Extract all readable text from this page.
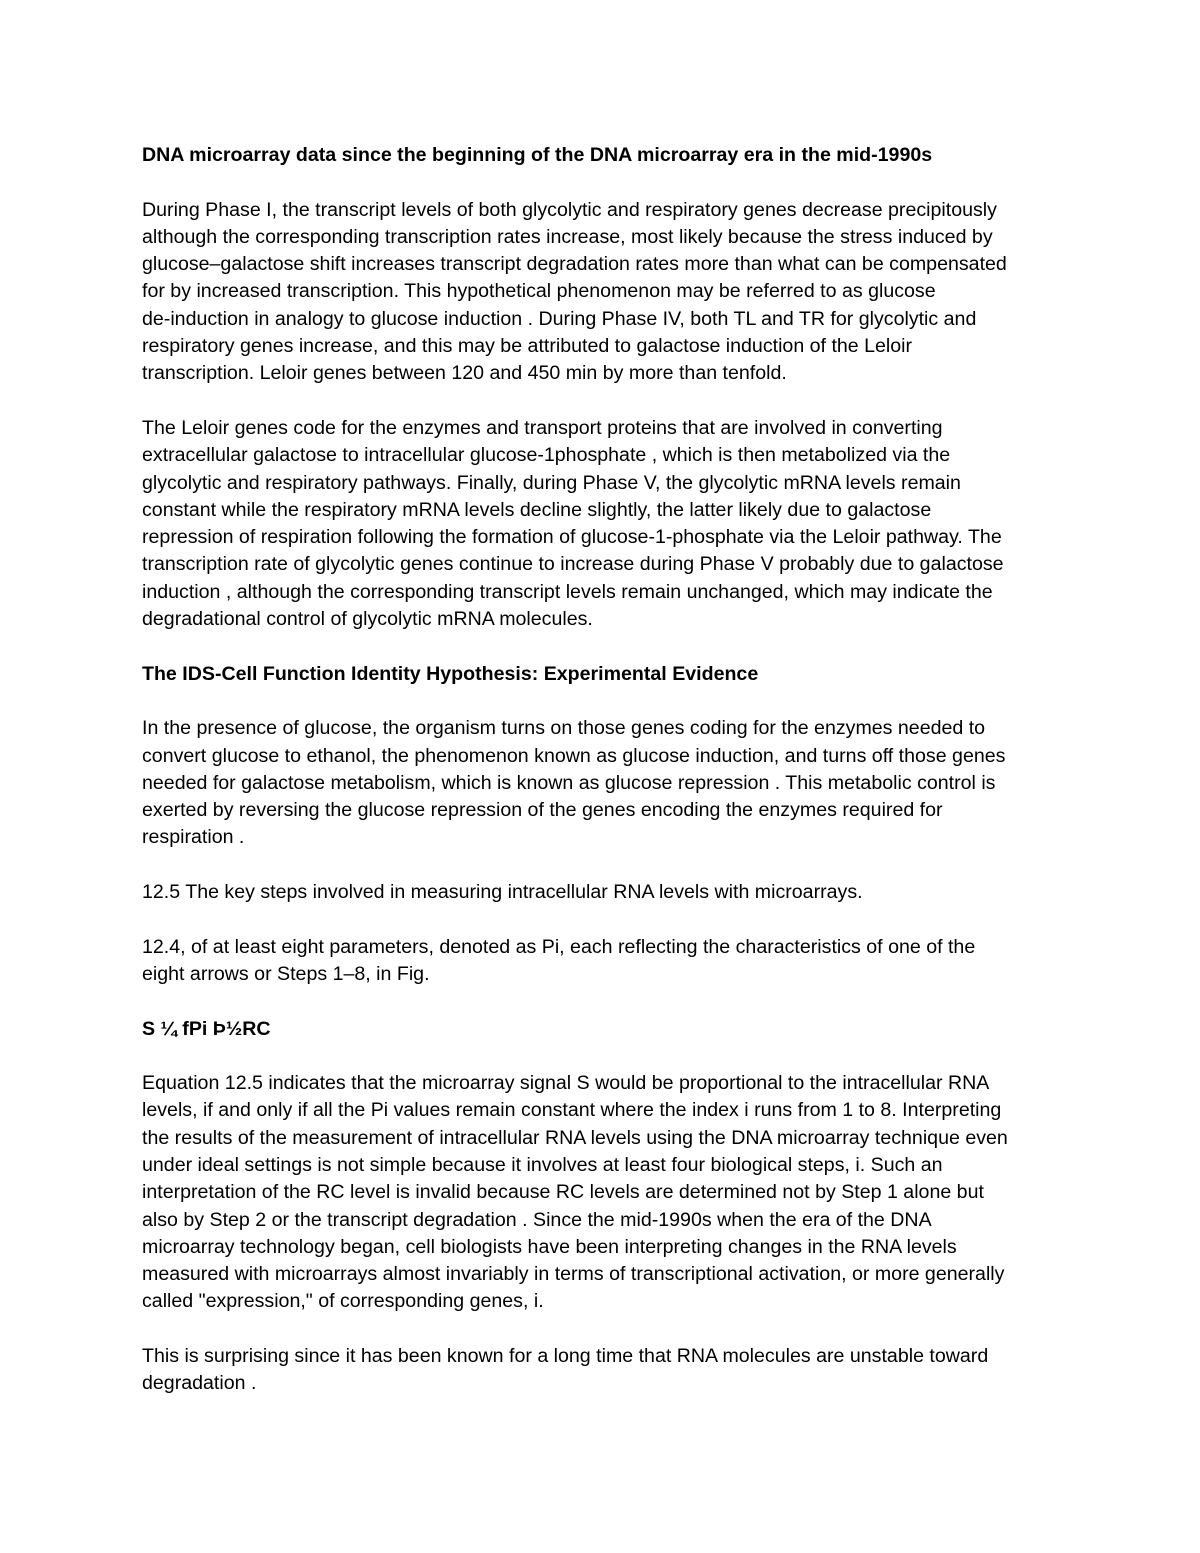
DNA microarray data since the beginning of the DNA microarray era in the mid-1990s

During Phase I, the transcript levels of both glycolytic and respiratory genes decrease precipitously
although the corresponding transcription rates increase, most likely because the stress induced by
glucose–galactose shift increases transcript degradation rates more than what can be compensated
for by increased transcription. This hypothetical phenomenon may be referred to as glucose
de-induction in analogy to glucose induction . During Phase IV, both TL and TR for glycolytic and
respiratory genes increase, and this may be attributed to galactose induction of the Leloir
transcription. Leloir genes between 120 and 450 min by more than tenfold.

The Leloir genes code for the enzymes and transport proteins that are involved in converting
extracellular galactose to intracellular glucose-1phosphate , which is then metabolized via the
glycolytic and respiratory pathways. Finally, during Phase V, the glycolytic mRNA levels remain
constant while the respiratory mRNA levels decline slightly, the latter likely due to galactose
repression of respiration following the formation of glucose-1-phosphate via the Leloir pathway. The
transcription rate of glycolytic genes continue to increase during Phase V probably due to galactose
induction , although the corresponding transcript levels remain unchanged, which may indicate the
degradational control of glycolytic mRNA molecules.

The IDS-Cell Function Identity Hypothesis: Experimental Evidence

In the presence of glucose, the organism turns on those genes coding for the enzymes needed to
convert glucose to ethanol, the phenomenon known as glucose induction, and turns off those genes
needed for galactose metabolism, which is known as glucose repression . This metabolic control is
exerted by reversing the glucose repression of the genes encoding the enzymes required for
respiration .

12.5 The key steps involved in measuring intracellular RNA levels with microarrays.

12.4, of at least eight parameters, denoted as Pi, each reflecting the characteristics of one of the
eight arrows or Steps 1–8, in Fig.

S ¼ fPi Þ½RC

Equation 12.5 indicates that the microarray signal S would be proportional to the intracellular RNA
levels, if and only if all the Pi values remain constant where the index i runs from 1 to 8. Interpreting
the results of the measurement of intracellular RNA levels using the DNA microarray technique even
under ideal settings is not simple because it involves at least four biological steps, i. Such an
interpretation of the RC level is invalid because RC levels are determined not by Step 1 alone but
also by Step 2 or the transcript degradation . Since the mid-1990s when the era of the DNA
microarray technology began, cell biologists have been interpreting changes in the RNA levels
measured with microarrays almost invariably in terms of transcriptional activation, or more generally
called "expression," of corresponding genes, i.

This is surprising since it has been known for a long time that RNA molecules are unstable toward
degradation .
